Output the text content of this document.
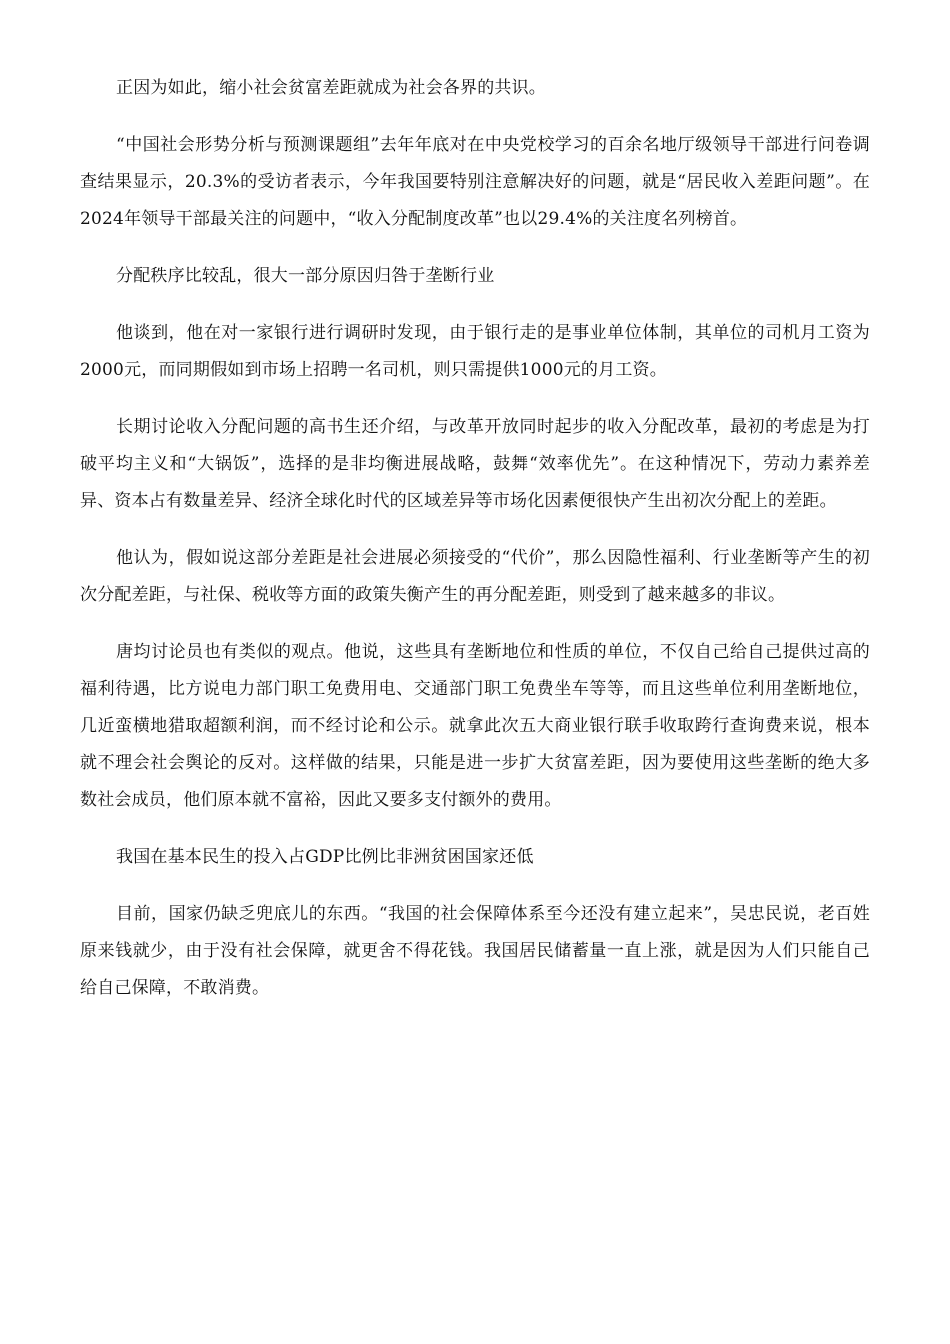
正因为如此，缩小社会贫富差距就成为社会各界的共识。

“中国社会形势分析与预测课题组”去年年底对在中央党校学习的百余名地厅级领导干部进行问卷调查结果显示，20.3%的受访者表示，今年我国要特别注意解决好的问题，就是“居民收入差距问题”。在2024年领导干部最关注的问题中，“收入分配制度改革”也以29.4%的关注度名列榜首。

分配秩序比较乱，很大一部分原因归咎于垄断行业

他谈到，他在对一家银行进行调研时发现，由于银行走的是事业单位体制，其单位的司机月工资为2000元，而同期假如到市场上招聘一名司机，则只需提供1000元的月工资。

长期讨论收入分配问题的高书生还介绍，与改革开放同时起步的收入分配改革，最初的考虑是为打破平均主义和“大锅饭”，选择的是非均衡进展战略，鼓舞“效率优先”。在这种情况下，劳动力素养差异、资本占有数量差异、经济全球化时代的区域差异等市场化因素便很快产生出初次分配上的差距。

他认为，假如说这部分差距是社会进展必须接受的“代价”，那么因隐性福利、行业垄断等产生的初次分配差距，与社保、税收等方面的政策失衡产生的再分配差距，则受到了越来越多的非议。

唐均讨论员也有类似的观点。他说，这些具有垄断地位和性质的单位，不仅自己给自己提供过高的福利待遇，比方说电力部门职工免费用电、交通部门职工免费坐车等等，而且这些单位利用垄断地位，几近蛮横地猎取超额利润，而不经讨论和公示。就拿此次五大商业银行联手收取跨行查询费来说，根本就不理会社会舆论的反对。这样做的结果，只能是进一步扩大贫富差距，因为要使用这些垄断的绝大多数社会成员，他们原本就不富裕，因此又要多支付额外的费用。

我国在基本民生的投入占GDP比例比非洲贫困国家还低

目前，国家仍缺乏兜底儿的东西。“我国的社会保障体系至今还没有建立起来”，吴忠民说，老百姓原来钱就少，由于没有社会保障，就更舍不得花钱。我国居民储蓄量一直上涨，就是因为人们只能自己给自己保障，不敢消费。
